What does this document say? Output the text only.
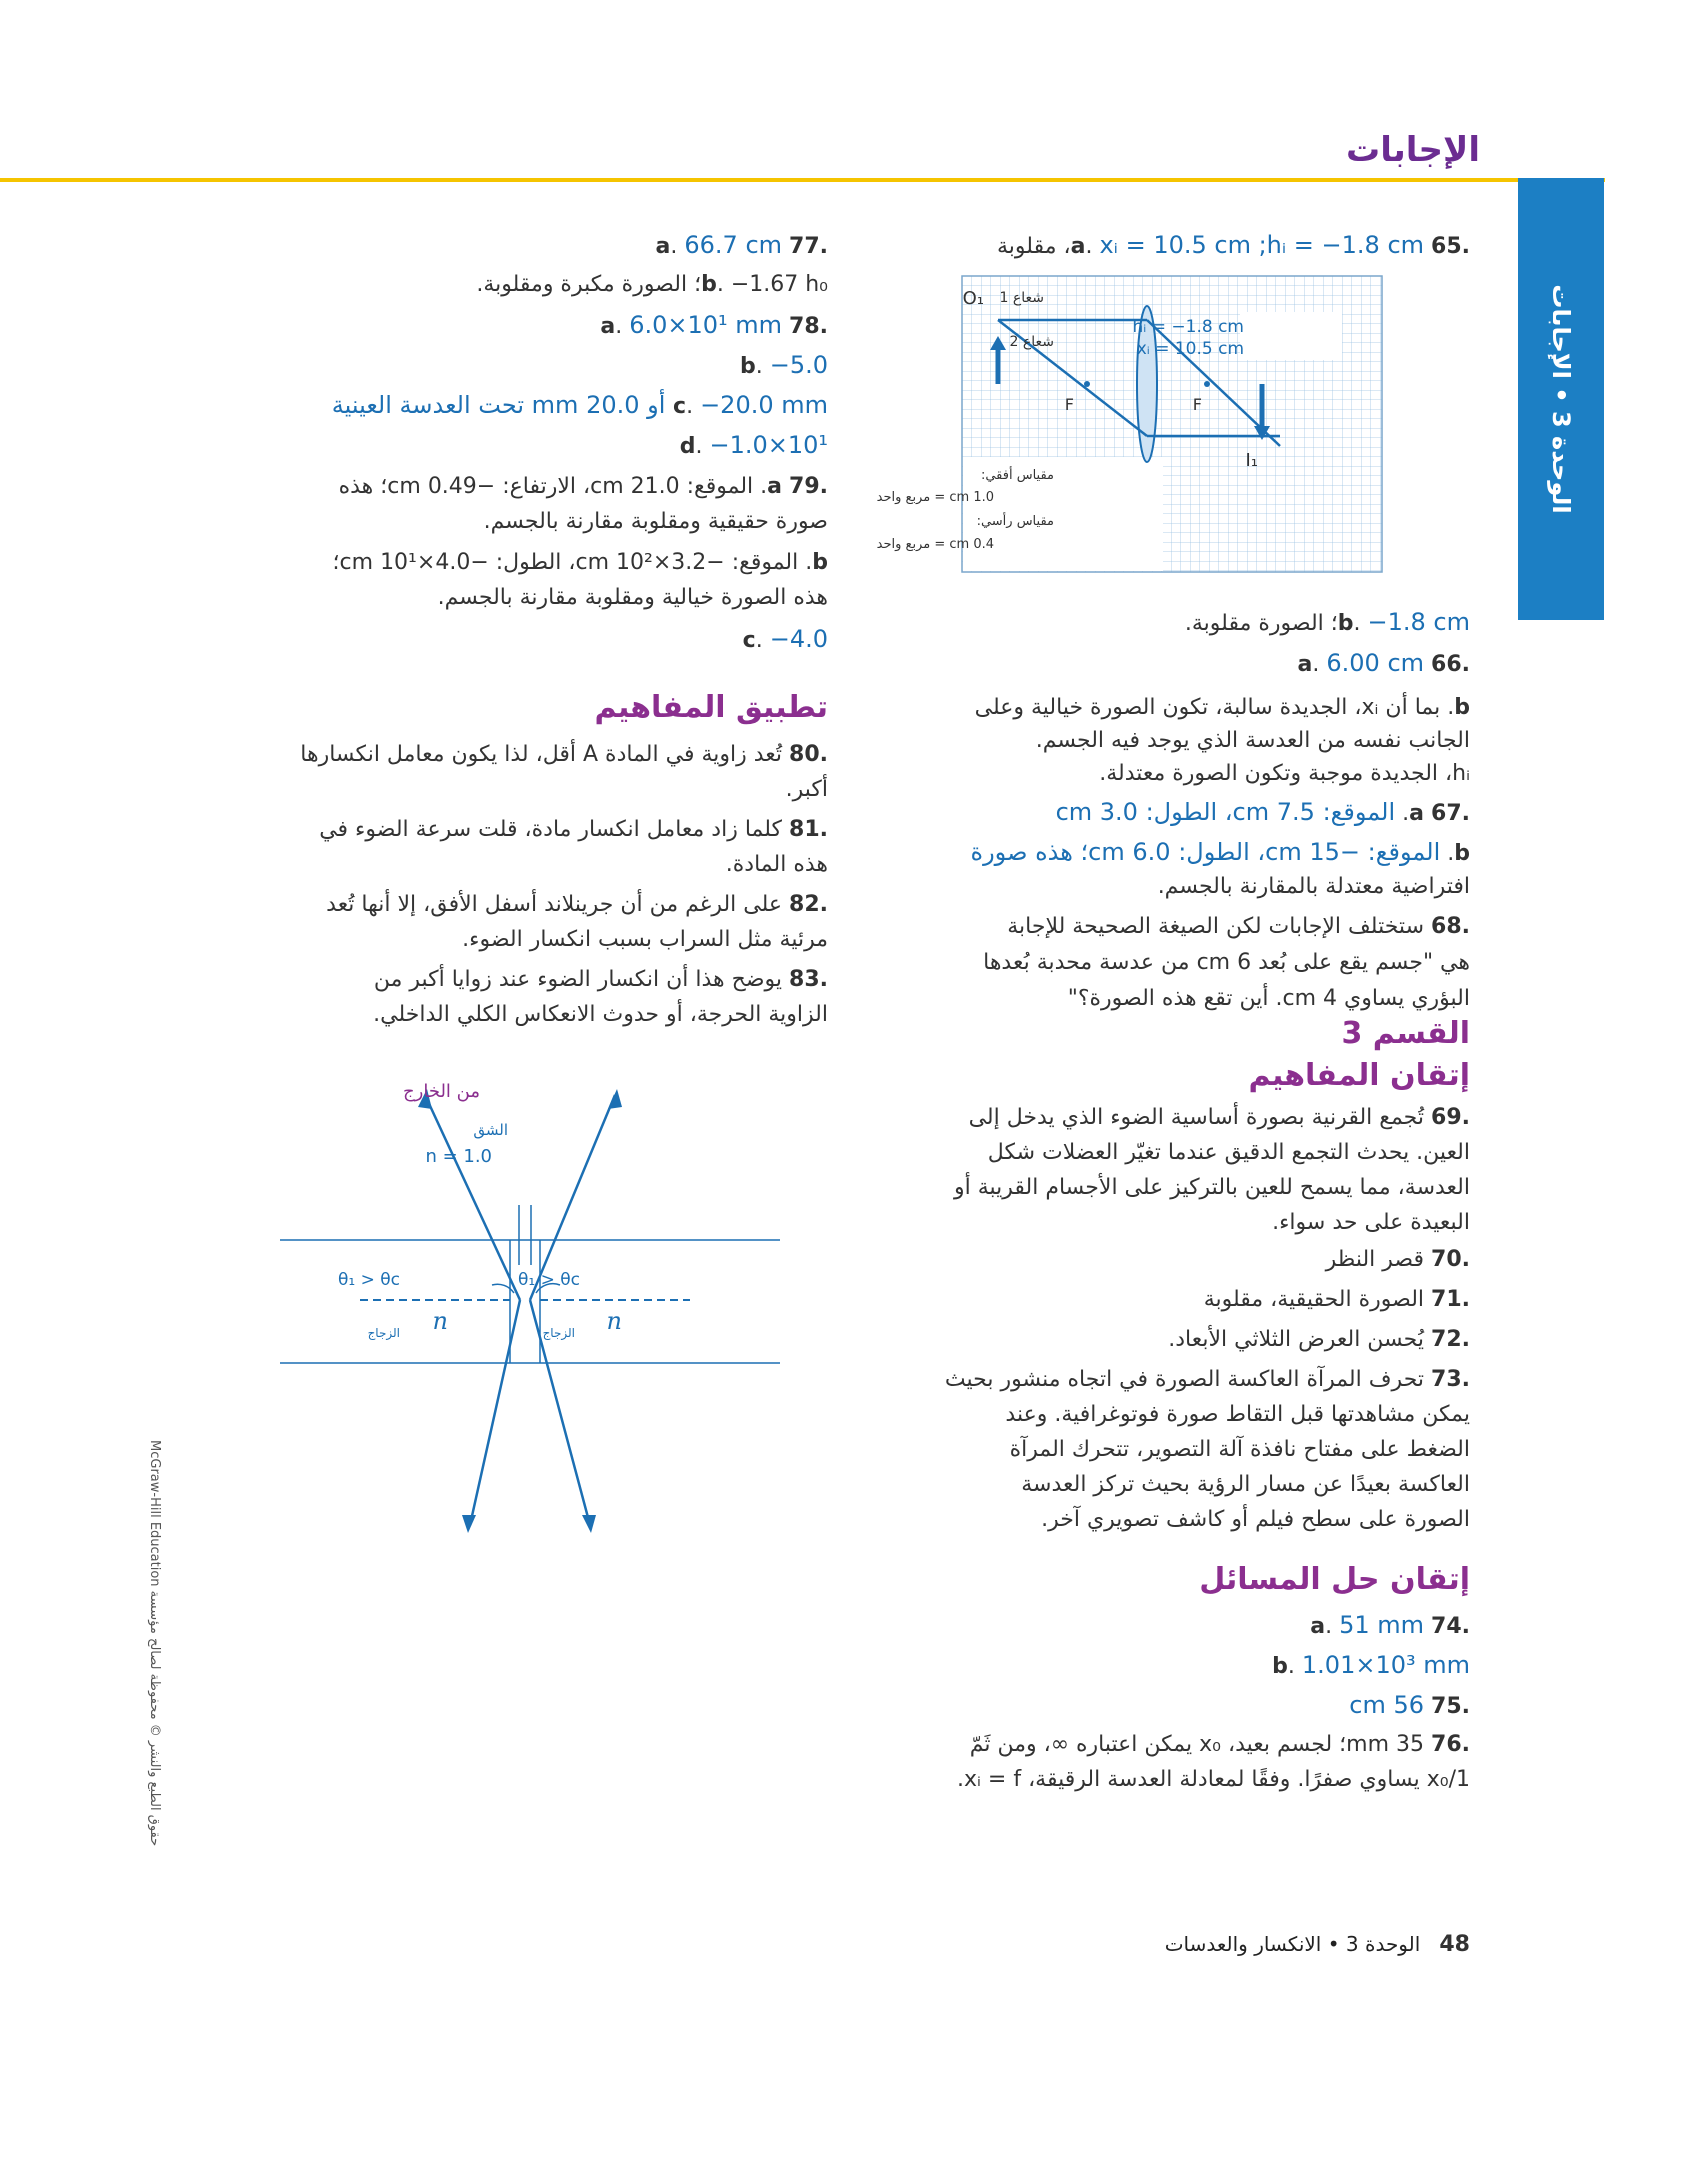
الإجابات
الوحدة 3 • الإجابات
.65 a. xᵢ = 10.5 cm ;hᵢ = −1.8 cm، مقلوبة
O₁ شعاع 1
شعاع 2
F	F
I₁
hᵢ = −1.8 cm
xᵢ = 10.5 cm
مقياس أفقي:
1.0 cm = مربع واحد
مقياس رأسي:
0.4 cm = مربع واحد
b. −1.8 cm؛ الصورة مقلوبة.
.66 a. 6.00 cm
b. بما أن xᵢ، الجديدة سالبة، تكون الصورة خيالية وعلى
الجانب نفسه من العدسة الذي يوجد فيه الجسم.
hᵢ، الجديدة موجبة وتكون الصورة معتدلة.
.67 a. الموقع: 7.5 cm، الطول: 3.0 cm
b. الموقع: −15 cm، الطول: 6.0 cm؛ هذه صورة
افتراضية معتدلة بالمقارنة بالجسم.
.68 ستختلف الإجابات لكن الصيغة الصحيحة للإجابة
هي "جسم يقع على بُعد 6 cm من عدسة محدبة بُعدها
البؤري يساوي 4 cm. أين تقع هذه الصورة؟"
القسم 3
إتقان المفاهيم
.69 تُجمع القرنية بصورة أساسية الضوء الذي يدخل إلى
العين. يحدث التجمع الدقيق عندما تغيّر العضلات شكل
العدسة، مما يسمح للعين بالتركيز على الأجسام القريبة أو
البعيدة على حد سواء.
.70 قصر النظر
.71 الصورة الحقيقية، مقلوبة
.72 يُحسن العرض الثلاثي الأبعاد.
.73 تحرف المرآة العاكسة الصورة في اتجاه منشور بحيث
يمكن مشاهدتها قبل التقاط صورة فوتوغرافية. وعند
الضغط على مفتاح نافذة آلة التصوير، تتحرك المرآة
العاكسة بعيدًا عن مسار الرؤية بحيث تركز العدسة
الصورة على سطح فيلم أو كاشف تصويري آخر.
إتقان حل المسائل
.74 a. 51 mm
b. 1.01×10³ mm
.75 56 cm
.76 35 mm؛ لجسم بعيد، x₀ يمكن اعتباره ∞، ومن ثَمّ
1/x₀ يساوي صفرًا. وفقًا لمعادلة العدسة الرقيقة، xᵢ = f.
.77 a. 66.7 cm
b. −1.67 h₀؛ الصورة مكبرة ومقلوبة.
.78 a. 6.0×10¹ mm
b. −5.0
c. −20.0 mm أو 20.0 mm تحت العدسة العينية
d. −1.0×10¹
.79 a. الموقع: 21.0 cm، الارتفاع: −0.49 cm؛ هذه
صورة حقيقية ومقلوبة مقارنة بالجسم.
b. الموقع: −3.2×10² cm، الطول: −4.0×10¹ cm؛
هذه الصورة خيالية ومقلوبة مقارنة بالجسم.
c. −4.0
تطبيق المفاهيم
.80 تُعد زاوية في المادة A أقل، لذا يكون معامل انكسارها
أكبر.
.81 كلما زاد معامل انكسار مادة، قلت سرعة الضوء في
هذه المادة.
.82 على الرغم من أن جرينلاند أسفل الأفق، إلا أنها تُعد
مرئية مثل السراب بسبب انكسار الضوء.
.83 يوضح هذا أن انكسار الضوء عند زوايا أكبر من
الزاوية الحرجة، أو حدوث الانعكاس الكلي الداخلي.
من الخارج
الشق
n = 1.0
θ₁ > θc	θ₁ > θc
n	n
الزجاج	الزجاج
McGraw-Hill Education حقوق الطبع والنشر © محفوظة لصالح مؤسسة
48   الوحدة 3 • الانكسار والعدسات
